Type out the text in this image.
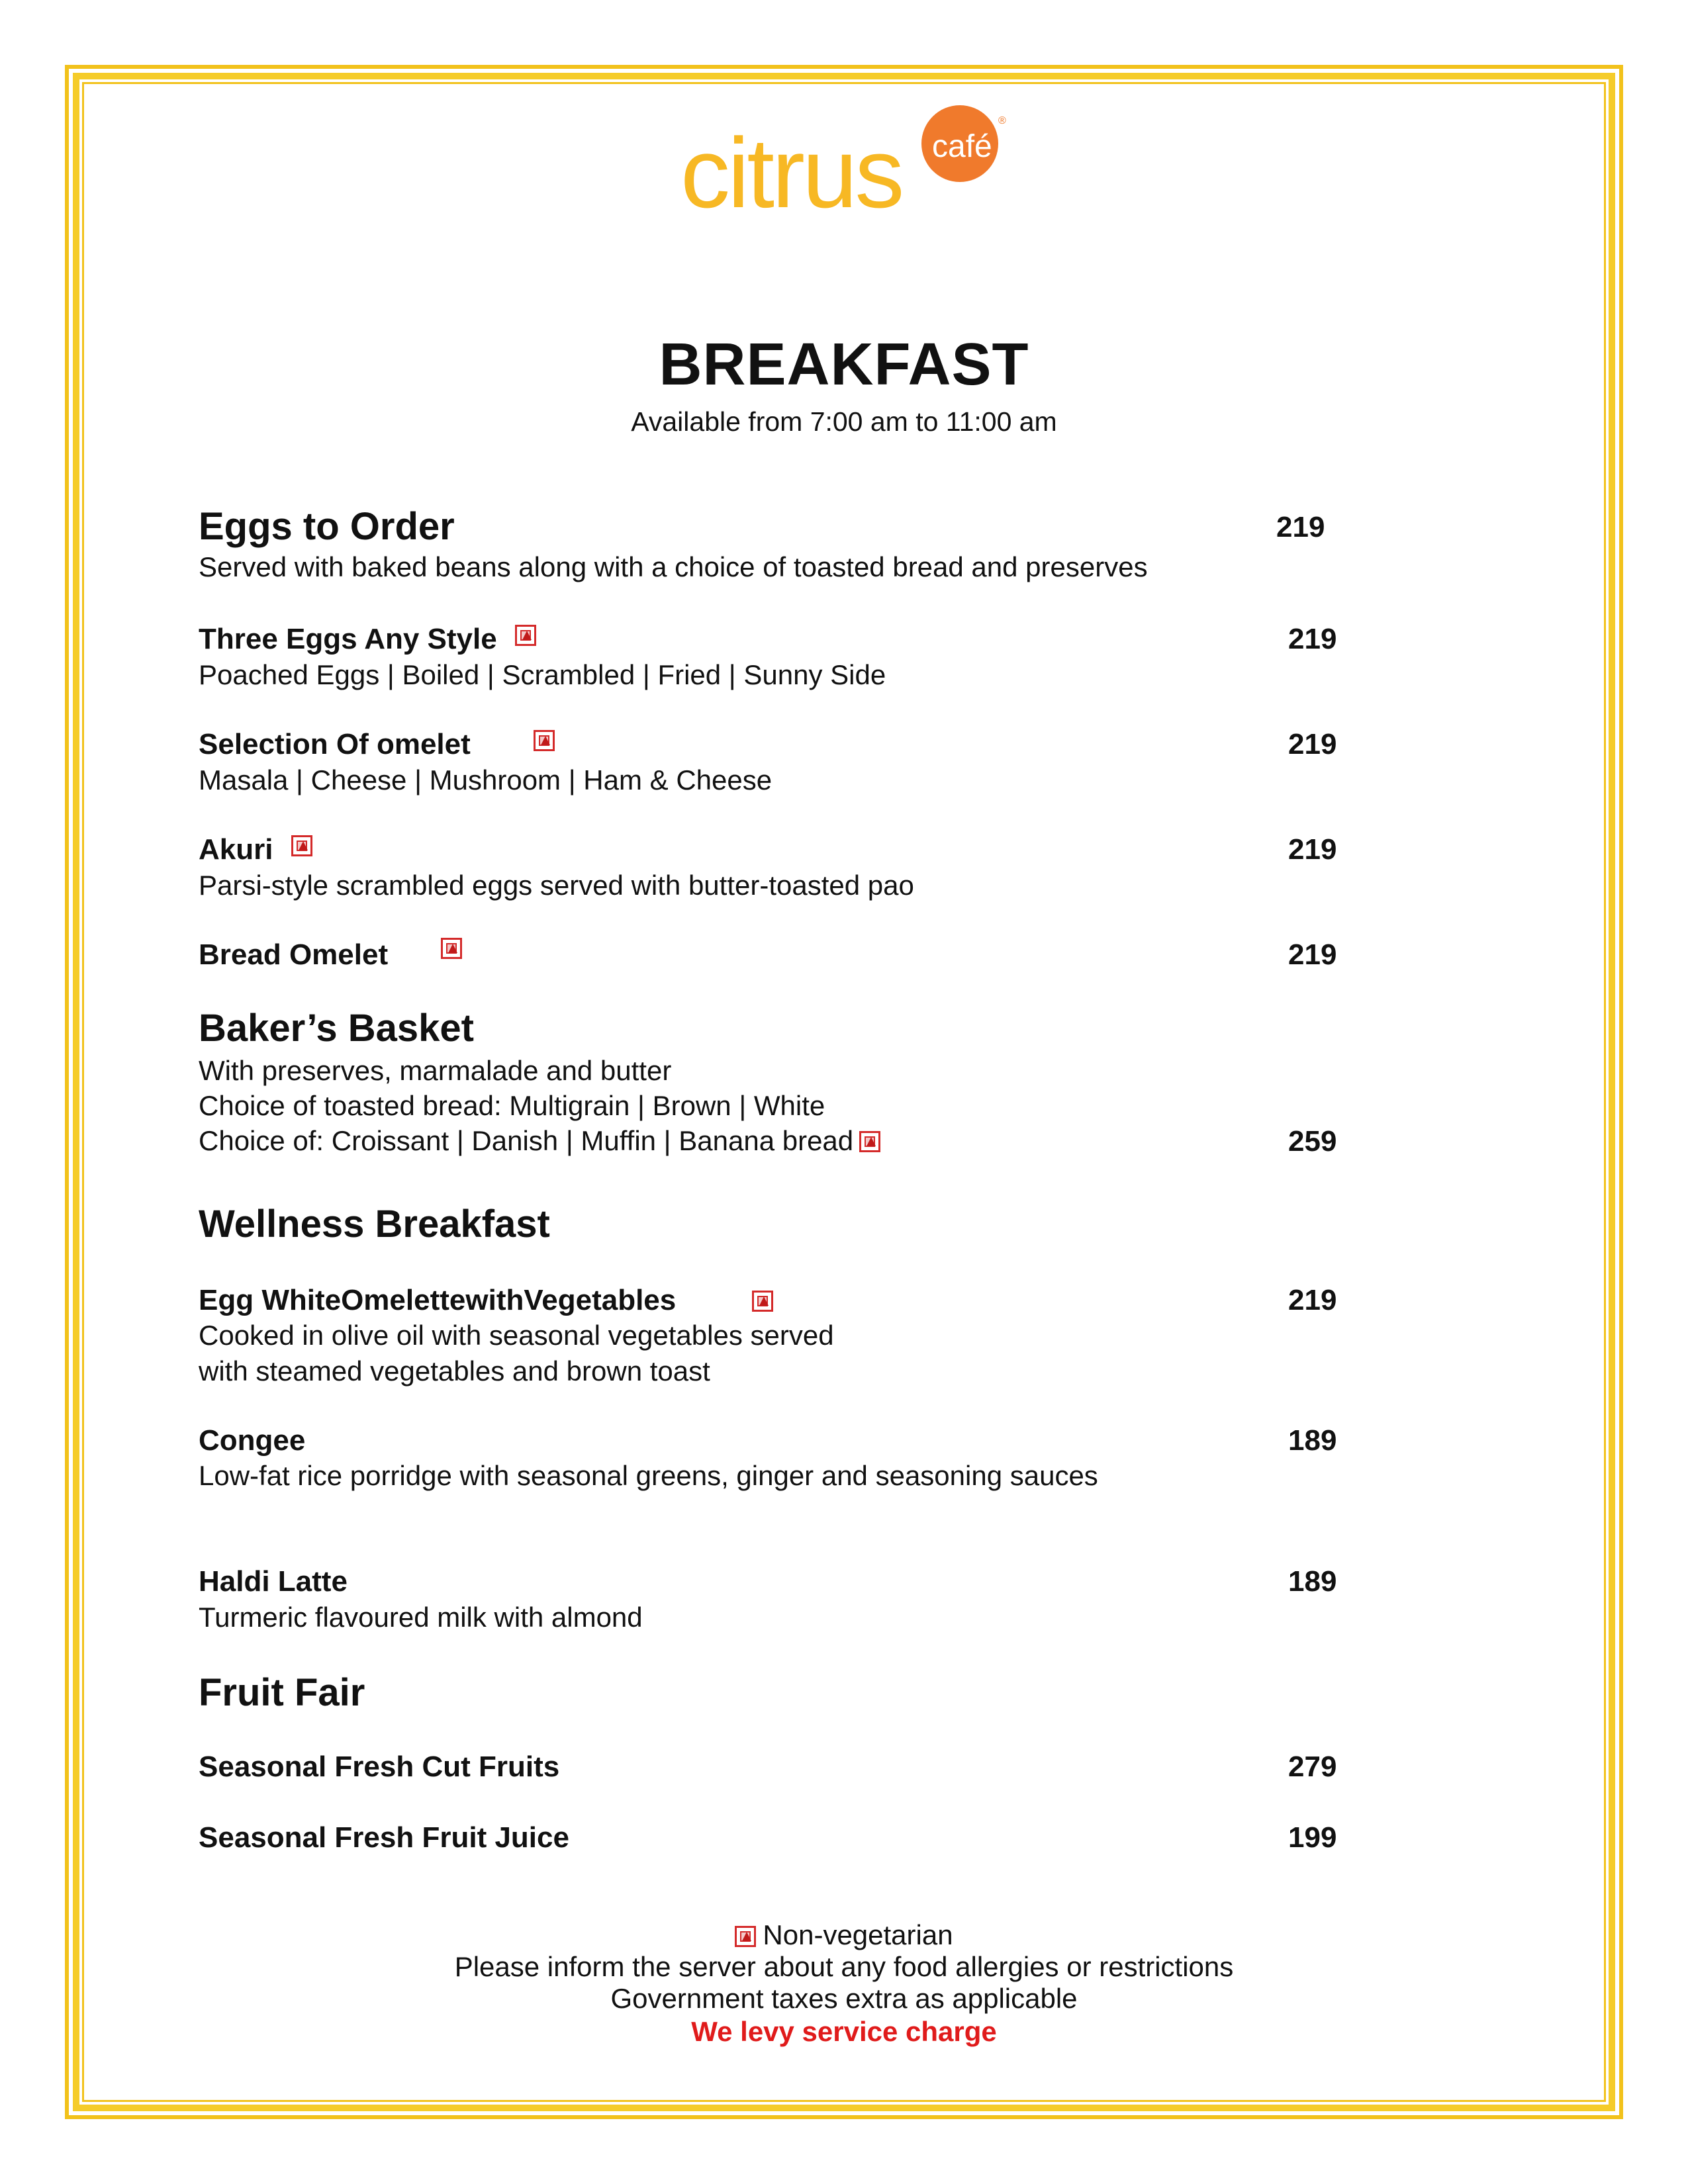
citrus café
®
BREAKFAST
Available from 7:00 am to 11:00 am
Eggs to Order	219
Served with baked beans along with a choice of toasted bread and preserves
Three Eggs Any Style	219
Poached Eggs | Boiled | Scrambled | Fried | Sunny Side
Selection Of omelet	219
Masala | Cheese | Mushroom | Ham & Cheese
Akuri	219
Parsi-style scrambled eggs served with butter-toasted pao
Bread Omelet	219
Baker’s Basket
With preserves, marmalade and butter
Choice of toasted bread: Multigrain | Brown | White
Choice of: Croissant | Danish | Muffin | Banana bread	259
Wellness Breakfast
Egg WhiteOmelettewithVegetables	219
Cooked in olive oil with seasonal vegetables served
with steamed vegetables and brown toast
Congee	189
Low-fat rice porridge with seasonal greens, ginger and seasoning sauces
Haldi Latte	189
Turmeric flavoured milk with almond
Fruit Fair
Seasonal Fresh Cut Fruits	279
Seasonal Fresh Fruit Juice	199
Non-vegetarian
Please inform the server about any food allergies or restrictions
Government taxes extra as applicable
We levy service charge
